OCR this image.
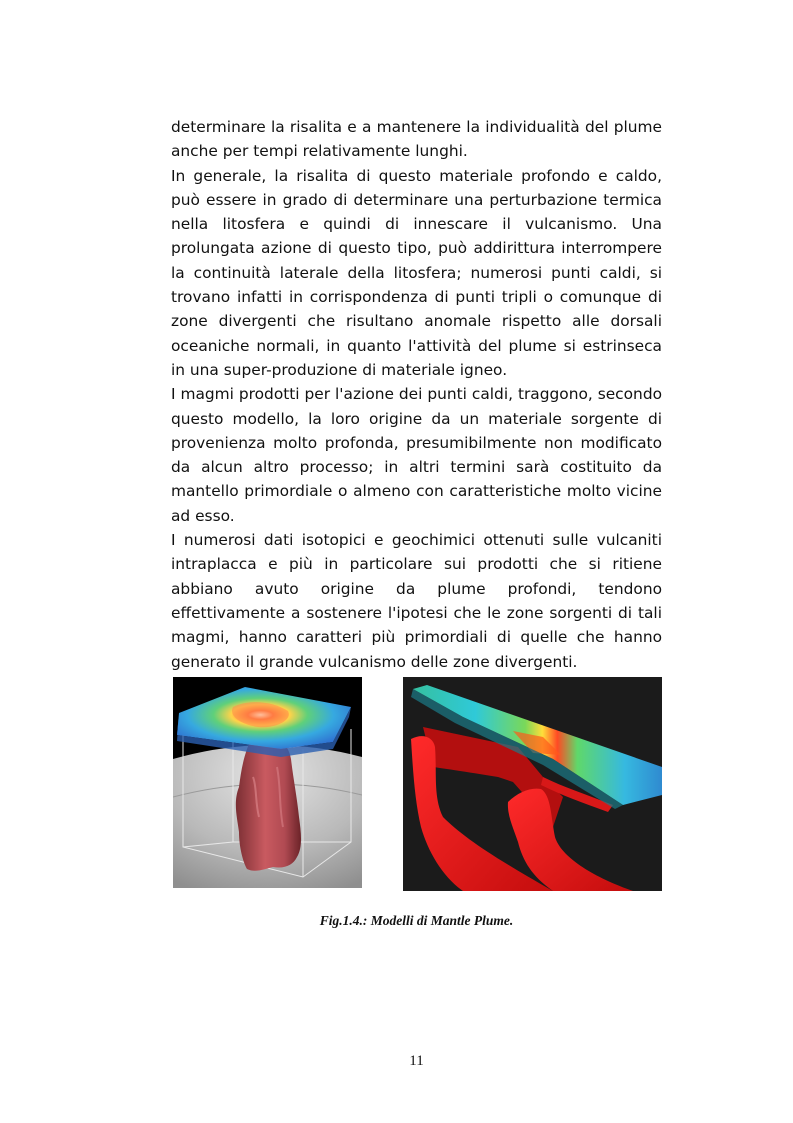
determinare la risalita e a mantenere la individualità del plume anche per tempi relativamente lunghi.

In generale, la risalita di questo materiale profondo e caldo, può essere in grado di determinare una perturbazione termica nella litosfera e quindi di innescare il vulcanismo. Una prolungata azione di questo tipo, può addirittura interrompere la continuità laterale della litosfera; numerosi punti caldi, si trovano infatti in corrispondenza di punti tripli o comunque di zone divergenti che risultano anomale rispetto alle dorsali oceaniche normali, in quanto l'attività del plume si estrinseca in una super-produzione di materiale igneo.

I magmi prodotti per l'azione dei punti caldi, traggono, secondo questo modello, la loro origine da un materiale sorgente di provenienza molto profonda, presumibilmente non modificato da alcun altro processo; in altri termini sarà costituito da mantello primordiale o almeno con caratteristiche molto vicine ad esso.

I numerosi dati isotopici e geochimici ottenuti sulle vulcaniti intraplacca e più in particolare sui prodotti che si ritiene abbiano avuto origine da plume profondi, tendono effettivamente a sostenere l'ipotesi che le zone sorgenti di tali magmi, hanno caratteri più primordiali di quelle che hanno generato il grande vulcanismo delle zone divergenti.

Fig.1.4.: Modelli di Mantle Plume.
11
